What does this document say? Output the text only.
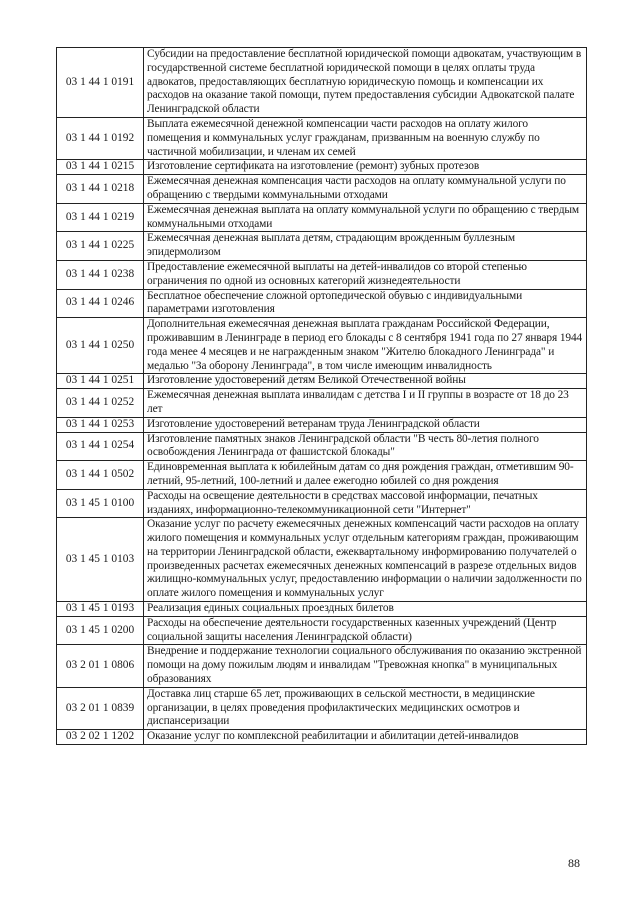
03 1 44 1 0191	Субсидии на предоставление бесплатной юридической помощи адвокатам, участвующим в государственной системе бесплатной юридической помощи в целях оплаты труда адвокатов, предоставляющих бесплатную юридическую помощь и компенсации их расходов на оказание такой помощи, путем предоставления субсидии Адвокатской палате Ленинградской области
03 1 44 1 0192	Выплата ежемесячной денежной компенсации части расходов на оплату жилого помещения и коммунальных услуг гражданам, призванным на военную службу по частичной мобилизации, и членам их семей
03 1 44 1 0215	Изготовление сертификата на изготовление (ремонт) зубных протезов
03 1 44 1 0218	Ежемесячная денежная компенсация части расходов на оплату коммунальной услуги по обращению с твердыми коммунальными отходами
03 1 44 1 0219	Ежемесячная денежная выплата на оплату коммунальной услуги по обращению с твердым коммунальными отходами
03 1 44 1 0225	Ежемесячная денежная выплата детям, страдающим врожденным буллезным эпидермолизом
03 1 44 1 0238	Предоставление ежемесячной выплаты на детей-инвалидов со второй степенью ограничения по одной из основных категорий жизнедеятельности
03 1 44 1 0246	Бесплатное обеспечение сложной ортопедической обувью с индивидуальными параметрами изготовления
03 1 44 1 0250	Дополнительная ежемесячная денежная выплата гражданам Российской Федерации, проживавшим в Ленинграде в период его блокады с 8 сентября 1941 года по 27 января 1944 года менее 4 месяцев и не награжденным знаком "Жителю блокадного Ленинграда" и медалью "За оборону Ленинграда", в том числе имеющим инвалидность
03 1 44 1 0251	Изготовление удостоверений детям Великой Отечественной войны
03 1 44 1 0252	Ежемесячная денежная выплата инвалидам с детства I и II группы в возрасте от 18 до 23 лет
03 1 44 1 0253	Изготовление удостоверений ветеранам труда Ленинградской области
03 1 44 1 0254	Изготовление памятных знаков Ленинградской области "В честь 80-летия полного освобождения Ленинграда от фашистской блокады"
03 1 44 1 0502	Единовременная выплата к юбилейным датам со дня рождения граждан, отметившим 90-летний, 95-летний, 100-летний и далее ежегодно юбилей со дня рождения
03 1 45 1 0100	Расходы на освещение деятельности в средствах массовой информации, печатных изданиях, информационно-телекоммуникационной сети "Интернет"
03 1 45 1 0103	Оказание услуг по расчету ежемесячных денежных компенсаций части расходов на оплату жилого помещения и коммунальных услуг отдельным категориям граждан, проживающим на территории Ленинградской области, ежеквартальному информированию получателей о произведенных расчетах ежемесячных денежных компенсаций в разрезе отдельных видов жилищно-коммунальных услуг, предоставлению информации о наличии задолженности по оплате жилого помещения и коммунальных услуг
03 1 45 1 0193	Реализация единых социальных проездных билетов
03 1 45 1 0200	Расходы на обеспечение деятельности государственных казенных учреждений (Центр социальной защиты населения Ленинградской области)
03 2 01 1 0806	Внедрение и поддержание технологии социального обслуживания по оказанию экстренной помощи на дому пожилым людям и инвалидам "Тревожная кнопка" в муниципальных образованиях
03 2 01 1 0839	Доставка лиц старше 65 лет, проживающих в сельской местности, в медицинские организации, в целях проведения профилактических медицинских осмотров и диспансеризации
03 2 02 1 1202	Оказание услуг по комплексной реабилитации и абилитации детей-инвалидов
88
